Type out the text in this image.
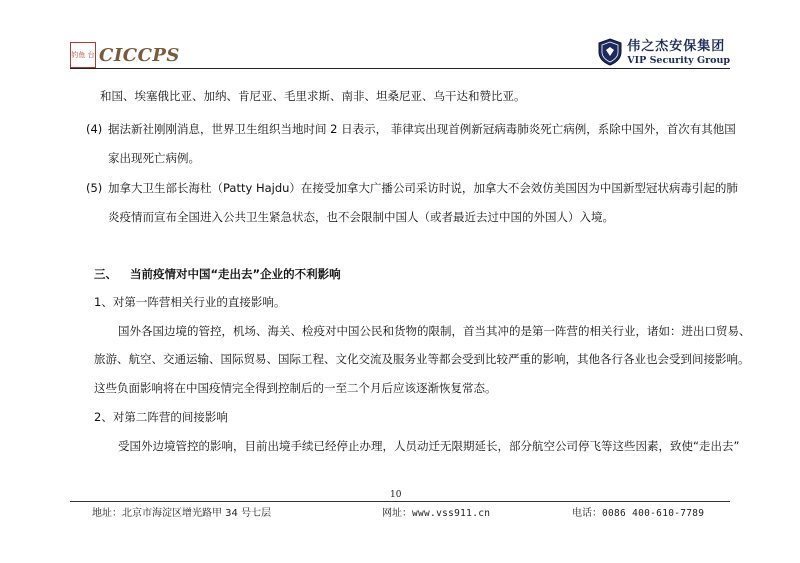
钓鱼 台 CICCPS	伟之杰安保集团
VIP Security Group
和国、埃塞俄比亚、加纳、肯尼亚、毛里求斯、南非、坦桑尼亚、乌干达和赞比亚。
(4) 据法新社刚刚消息，世界卫生组织当地时间 2 日表示， 菲律宾出现首例新冠病毒肺炎死亡病例，系除中国外，首次有其他国
家出现死亡病例。
(5) 加拿大卫生部长海杜（Patty Hajdu）在接受加拿大广播公司采访时说，加拿大不会效仿美国因为中国新型冠状病毒引起的肺
炎疫情而宣布全国进入公共卫生紧急状态，也不会限制中国人（或者最近去过中国的外国人）入境。
三、 当前疫情对中国“走出去”企业的不利影响
1、对第一阵营相关行业的直接影响。
国外各国边境的管控，机场、海关、检疫对中国公民和货物的限制，首当其冲的是第一阵营的相关行业，诸如：进出口贸易、
旅游、航空、交通运输、国际贸易、国际工程、文化交流及服务业等都会受到比较严重的影响，其他各行各业也会受到间接影响。
这些负面影响将在中国疫情完全得到控制后的一至二个月后应该逐渐恢复常态。
2、对第二阵营的间接影响
受国外边境管控的影响，目前出境手续已经停止办理，人员动迁无限期延长，部分航空公司停飞等这些因素，致使“走出去”
10
地址：北京市海淀区增光路甲 34 号七层	网址：www.vss911.cn	电话：0086 400-610-7789
